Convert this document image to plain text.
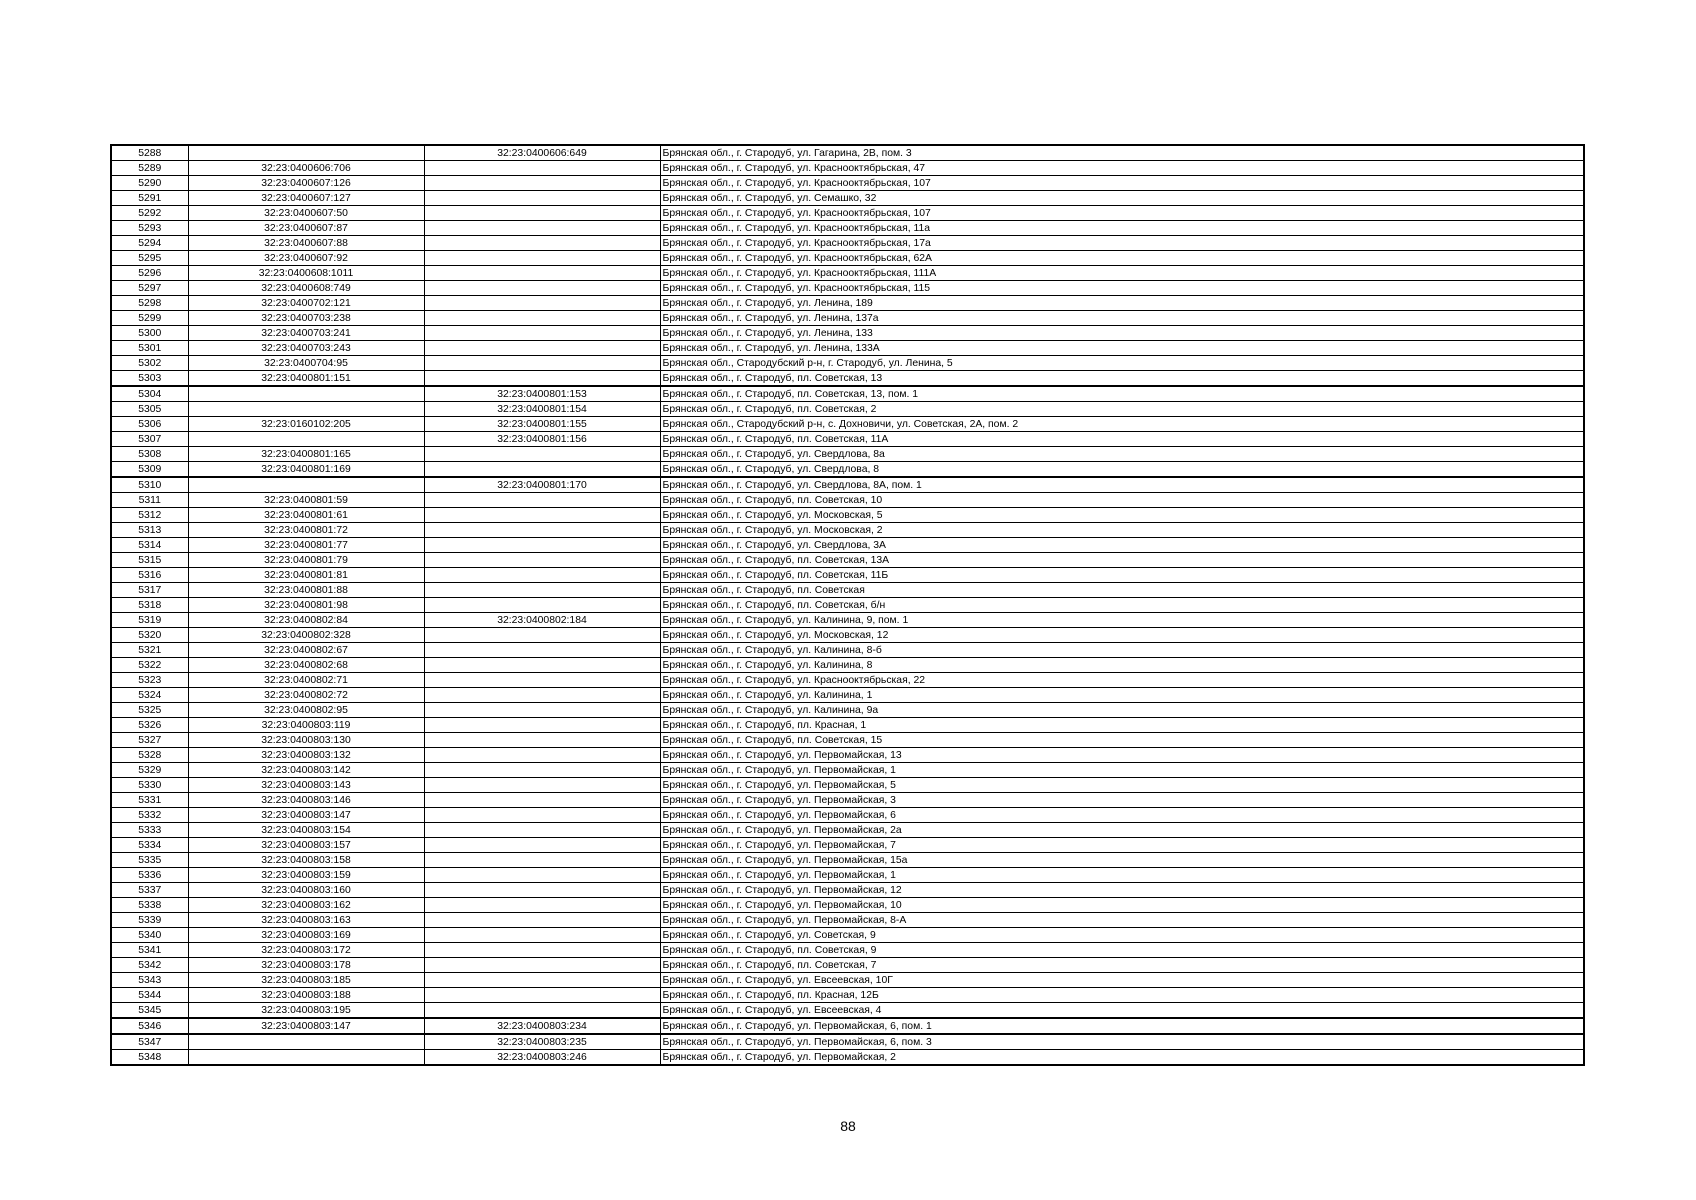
5288		32:23:0400606:649	Брянская обл., г. Стародуб, ул. Гагарина, 2В, пом. 3
5289	32:23:0400606:706		Брянская обл., г. Стародуб, ул. Краснооктябрьская, 47
5290	32:23:0400607:126		Брянская обл., г. Стародуб, ул. Краснооктябрьская, 107
5291	32:23:0400607:127		Брянская обл., г. Стародуб, ул. Семашко, 32
5292	32:23:0400607:50		Брянская обл., г. Стародуб, ул. Краснооктябрьская, 107
5293	32:23:0400607:87		Брянская обл., г. Стародуб, ул. Краснооктябрьская, 11а
5294	32:23:0400607:88		Брянская обл., г. Стародуб, ул. Краснооктябрьская, 17а
5295	32:23:0400607:92		Брянская обл., г. Стародуб, ул. Краснооктябрьская, 62А
5296	32:23:0400608:1011		Брянская обл., г. Стародуб, ул. Краснооктябрьская, 111А
5297	32:23:0400608:749		Брянская обл., г. Стародуб, ул. Краснооктябрьская, 115
5298	32:23:0400702:121		Брянская обл., г. Стародуб, ул. Ленина, 189
5299	32:23:0400703:238		Брянская обл., г. Стародуб, ул. Ленина, 137а
5300	32:23:0400703:241		Брянская обл., г. Стародуб, ул. Ленина, 133
5301	32:23:0400703:243		Брянская обл., г. Стародуб, ул. Ленина, 133А
5302	32:23:0400704:95		Брянская обл., Стародубский р-н, г. Стародуб, ул. Ленина, 5
5303	32:23:0400801:151		Брянская обл., г. Стародуб, пл. Советская, 13
5304		32:23:0400801:153	Брянская обл., г. Стародуб, пл. Советская, 13, пом. 1
5305		32:23:0400801:154	Брянская обл., г. Стародуб, пл. Советская, 2
5306	32:23:0160102:205	32:23:0400801:155	Брянская обл., Стародубский р-н, с. Дохновичи, ул. Советская, 2А, пом. 2
5307		32:23:0400801:156	Брянская обл., г. Стародуб, пл. Советская, 11А
5308	32:23:0400801:165		Брянская обл., г. Стародуб, ул. Свердлова, 8а
5309	32:23:0400801:169		Брянская обл., г. Стародуб, ул. Свердлова, 8
5310		32:23:0400801:170	Брянская обл., г. Стародуб, ул. Свердлова, 8А, пом. 1
5311	32:23:0400801:59		Брянская обл., г. Стародуб, пл. Советская, 10
5312	32:23:0400801:61		Брянская обл., г. Стародуб, ул. Московская, 5
5313	32:23:0400801:72		Брянская обл., г. Стародуб, ул. Московская, 2
5314	32:23:0400801:77		Брянская обл., г. Стародуб, ул. Свердлова, 3А
5315	32:23:0400801:79		Брянская обл., г. Стародуб, пл. Советская, 13А
5316	32:23:0400801:81		Брянская обл., г. Стародуб, пл. Советская, 11Б
5317	32:23:0400801:88		Брянская обл., г. Стародуб, пл. Советская
5318	32:23:0400801:98		Брянская обл., г. Стародуб, пл. Советская, б/н
5319	32:23:0400802:84	32:23:0400802:184	Брянская обл., г. Стародуб, ул. Калинина, 9, пом. 1
5320	32:23:0400802:328		Брянская обл., г. Стародуб, ул. Московская, 12
5321	32:23:0400802:67		Брянская обл., г. Стародуб, ул. Калинина, 8-б
5322	32:23:0400802:68		Брянская обл., г. Стародуб, ул. Калинина, 8
5323	32:23:0400802:71		Брянская обл., г. Стародуб, ул. Краснооктябрьская, 22
5324	32:23:0400802:72		Брянская обл., г. Стародуб, ул. Калинина, 1
5325	32:23:0400802:95		Брянская обл., г. Стародуб, ул. Калинина, 9а
5326	32:23:0400803:119		Брянская обл., г. Стародуб, пл. Красная, 1
5327	32:23:0400803:130		Брянская обл., г. Стародуб, пл. Советская, 15
5328	32:23:0400803:132		Брянская обл., г. Стародуб, ул. Первомайская, 13
5329	32:23:0400803:142		Брянская обл., г. Стародуб, ул. Первомайская, 1
5330	32:23:0400803:143		Брянская обл., г. Стародуб, ул. Первомайская, 5
5331	32:23:0400803:146		Брянская обл., г. Стародуб, ул. Первомайская, 3
5332	32:23:0400803:147		Брянская обл., г. Стародуб, ул. Первомайская, 6
5333	32:23:0400803:154		Брянская обл., г. Стародуб, ул. Первомайская, 2а
5334	32:23:0400803:157		Брянская обл., г. Стародуб, ул. Первомайская, 7
5335	32:23:0400803:158		Брянская обл., г. Стародуб, ул. Первомайская, 15а
5336	32:23:0400803:159		Брянская обл., г. Стародуб, ул. Первомайская, 1
5337	32:23:0400803:160		Брянская обл., г. Стародуб, ул. Первомайская, 12
5338	32:23:0400803:162		Брянская обл., г. Стародуб, ул. Первомайская, 10
5339	32:23:0400803:163		Брянская обл., г. Стародуб, ул. Первомайская, 8-А
5340	32:23:0400803:169		Брянская обл., г. Стародуб, ул. Советская, 9
5341	32:23:0400803:172		Брянская обл., г. Стародуб, пл. Советская, 9
5342	32:23:0400803:178		Брянская обл., г. Стародуб, пл. Советская, 7
5343	32:23:0400803:185		Брянская обл., г. Стародуб, ул. Евсеевская, 10Г
5344	32:23:0400803:188		Брянская обл., г. Стародуб, пл. Красная, 12Б
5345	32:23:0400803:195		Брянская обл., г. Стародуб, ул. Евсеевская, 4
5346	32:23:0400803:147	32:23:0400803:234	Брянская обл., г. Стародуб, ул. Первомайская, 6, пом. 1
5347		32:23:0400803:235	Брянская обл., г. Стародуб, ул. Первомайская, 6, пом. 3
5348		32:23:0400803:246	Брянская обл., г. Стародуб, ул. Первомайская, 2
88
